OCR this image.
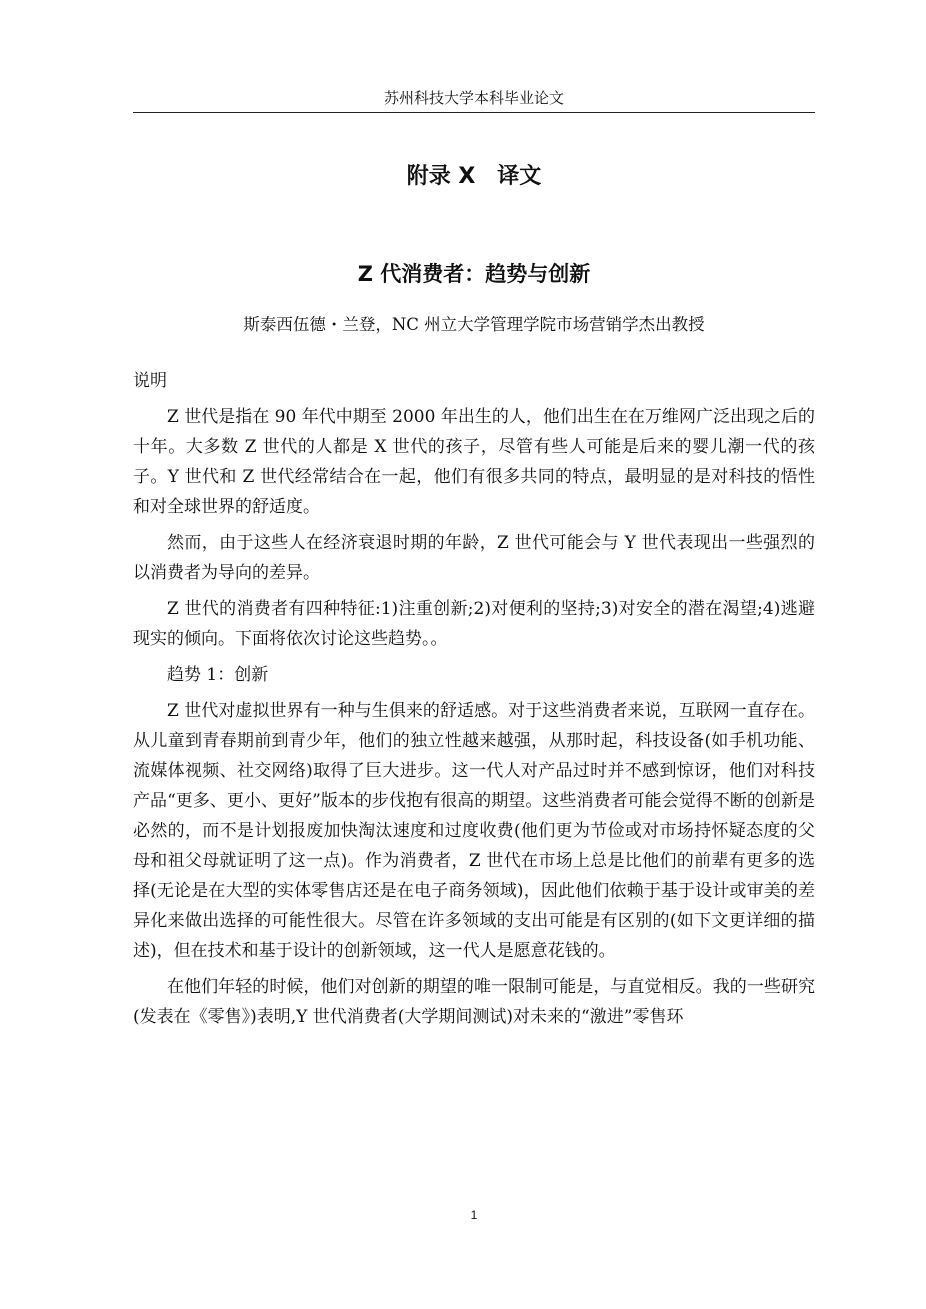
苏州科技大学本科毕业论文
附录 X　译文
Z 代消费者：趋势与创新
斯泰西伍德・兰登，NC 州立大学管理学院市场营销学杰出教授

说明

Z 世代是指在 90 年代中期至 2000 年出生的人，他们出生在在万维网广泛出现之后的十年。大多数 Z 世代的人都是 X 世代的孩子，尽管有些人可能是后来的婴儿潮一代的孩子。Y 世代和 Z 世代经常结合在一起，他们有很多共同的特点，最明显的是对科技的悟性和对全球世界的舒适度。

然而，由于这些人在经济衰退时期的年龄，Z 世代可能会与 Y 世代表现出一些强烈的以消费者为导向的差异。

Z 世代的消费者有四种特征:1)注重创新;2)对便利的坚持;3)对安全的潜在渴望;4)逃避现实的倾向。下面将依次讨论这些趋势。。

趋势 1：创新

Z 世代对虚拟世界有一种与生俱来的舒适感。对于这些消费者来说，互联网一直存在。从儿童到青春期前到青少年，他们的独立性越来越强，从那时起，科技设备(如手机功能、流媒体视频、社交网络)取得了巨大进步。这一代人对产品过时并不感到惊讶，他们对科技产品“更多、更小、更好”版本的步伐抱有很高的期望。这些消费者可能会觉得不断的创新是必然的，而不是计划报废加快淘汰速度和过度收费(他们更为节俭或对市场持怀疑态度的父母和祖父母就证明了这一点)。作为消费者，Z 世代在市场上总是比他们的前辈有更多的选择(无论是在大型的实体零售店还是在电子商务领域)，因此他们依赖于基于设计或审美的差异化来做出选择的可能性很大。尽管在许多领域的支出可能是有区别的(如下文更详细的描述)，但在技术和基于设计的创新领域，这一代人是愿意花钱的。

在他们年轻的时候，他们对创新的期望的唯一限制可能是，与直觉相反。我的一些研究(发表在《零售》)表明,Y 世代消费者(大学期间测试)对未来的“激进”零售环

1
